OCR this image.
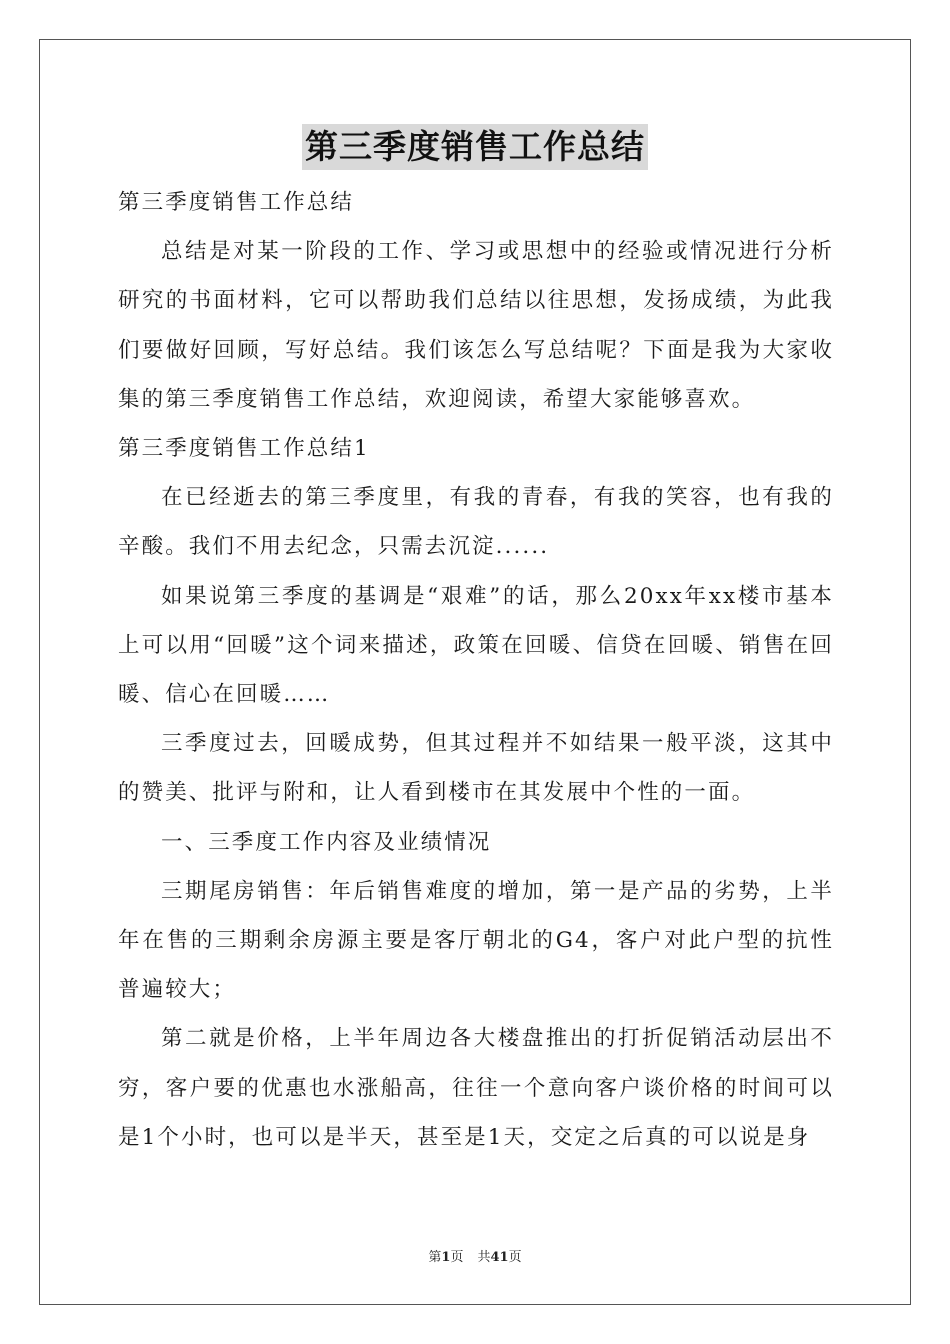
第三季度销售工作总结

第三季度销售工作总结

总结是对某一阶段的工作、学习或思想中的经验或情况进行分析研究的书面材料，它可以帮助我们总结以往思想，发扬成绩，为此我们要做好回顾，写好总结。我们该怎么写总结呢？下面是我为大家收集的第三季度销售工作总结，欢迎阅读，希望大家能够喜欢。

第三季度销售工作总结1

在已经逝去的第三季度里，有我的青春，有我的笑容，也有我的辛酸。我们不用去纪念，只需去沉淀......

如果说第三季度的基调是“艰难”的话，那么20xx年xx楼市基本上可以用“回暖”这个词来描述，政策在回暖、信贷在回暖、销售在回暖、信心在回暖……

三季度过去，回暖成势，但其过程并不如结果一般平淡，这其中的赞美、批评与附和，让人看到楼市在其发展中个性的一面。

一、三季度工作内容及业绩情况

三期尾房销售：年后销售难度的增加，第一是产品的劣势，上半年在售的三期剩余房源主要是客厅朝北的G4，客户对此户型的抗性普遍较大；

第二就是价格，上半年周边各大楼盘推出的打折促销活动层出不穷，客户要的优惠也水涨船高，往往一个意向客户谈价格的时间可以是1个小时，也可以是半天，甚至是1天，交定之后真的可以说是身

第1页 共41页
